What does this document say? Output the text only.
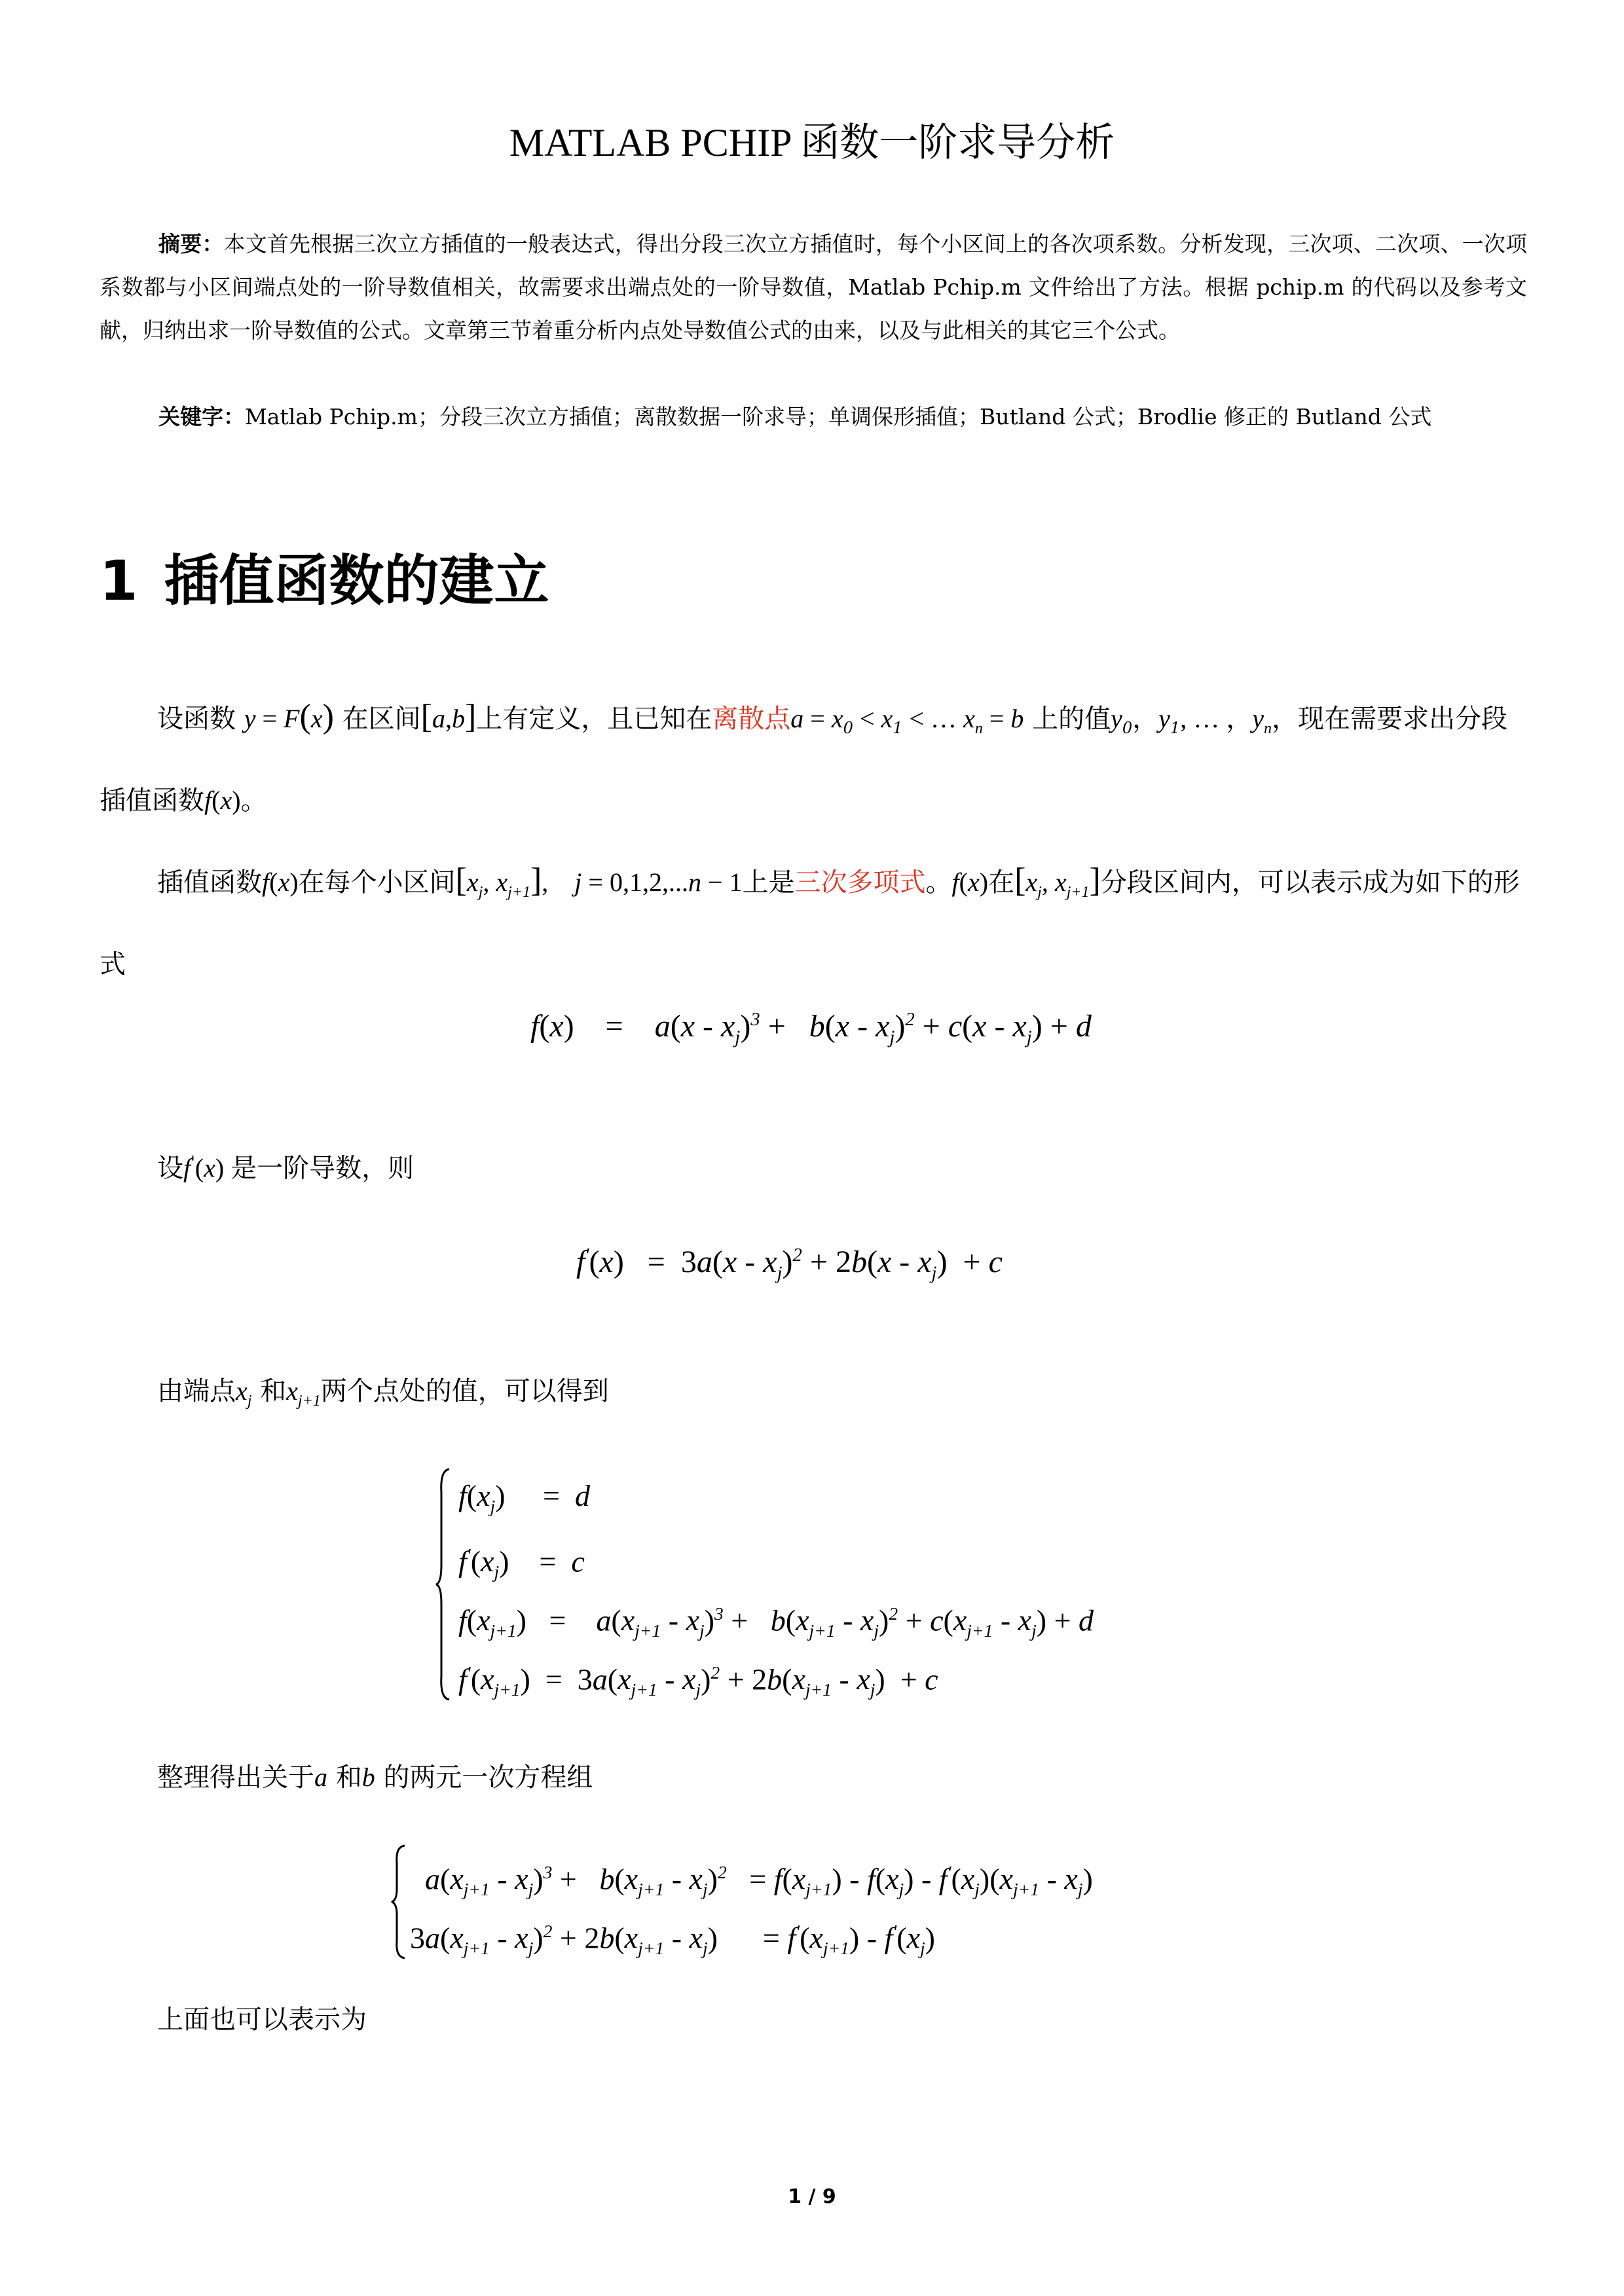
MATLAB PCHIP 函数一阶求导分析
摘要：本文首先根据三次立方插值的一般表达式，得出分段三次立方插值时，每个小区间上的各次项系数。分析发现，三次项、二次项、一次项系数都与小区间端点处的一阶导数值相关，故需要求出端点处的一阶导数值，Matlab Pchip.m 文件给出了方法。根据 pchip.m 的代码以及参考文献，归纳出求一阶导数值的公式。文章第三节着重分析内点处导数值公式的由来，以及与此相关的其它三个公式。
关键字：Matlab Pchip.m；分段三次立方插值；离散数据一阶求导；单调保形插值；Butland 公式；Brodlie 修正的 Butland 公式
1 插值函数的建立
设函数 y = F(x) 在区间[a,b]上有定义，且已知在离散点$a = x_0 < x_1$ < … $x_n = b$ 上的值$y_0$，$y_1$, … ，$y_n$，现在需要求出分段插值函数f(x)。
插值函数f(x)在每个小区间[$x_j$, $x_{j+1}$],    j = 0,1,2,...n − 1上是三次多项式。f(x)在[$x_j$, $x_{j+1}$]分段区间内，可以表示成为如下的形式
f(x)    =    $a(x - x_j)^3 + b(x - x_j)^2 + c(x - x_j) + d$
设f'(x) 是一阶导数，则
$f'(x) = 3a(x - x_j)^2 + 2b(x - x_j) + c$
由端点$x_j$ 和$x_{j+1}$两个点处的值，可以得到
$f(x_j)$     =  d
$f'(x_j)$    =  c
$f(x_{j+1})$   =    $a(x_{j+1} - x_j)^3 + b(x_{j+1} - x_j)^2 + c(x_{j+1} - x_j) + d$
$f'(x_{j+1}) = 3a(x_{j+1} - x_j)^2 + 2b(x_{j+1} - x_j) + c$
整理得出关于a 和b 的两元一次方程组
$a(x_{j+1} - x_j)^3 + b(x_{j+1} - x_j)^2 = f(x_{j+1}) - f(x_j) - f'(x_j)(x_{j+1} - x_j)$
$3a(x_{j+1} - x_j)^2 + 2b(x_{j+1} - x_j)$      = $f'(x_{j+1}) - f'(x_j)$
上面也可以表示为
1 / 9
